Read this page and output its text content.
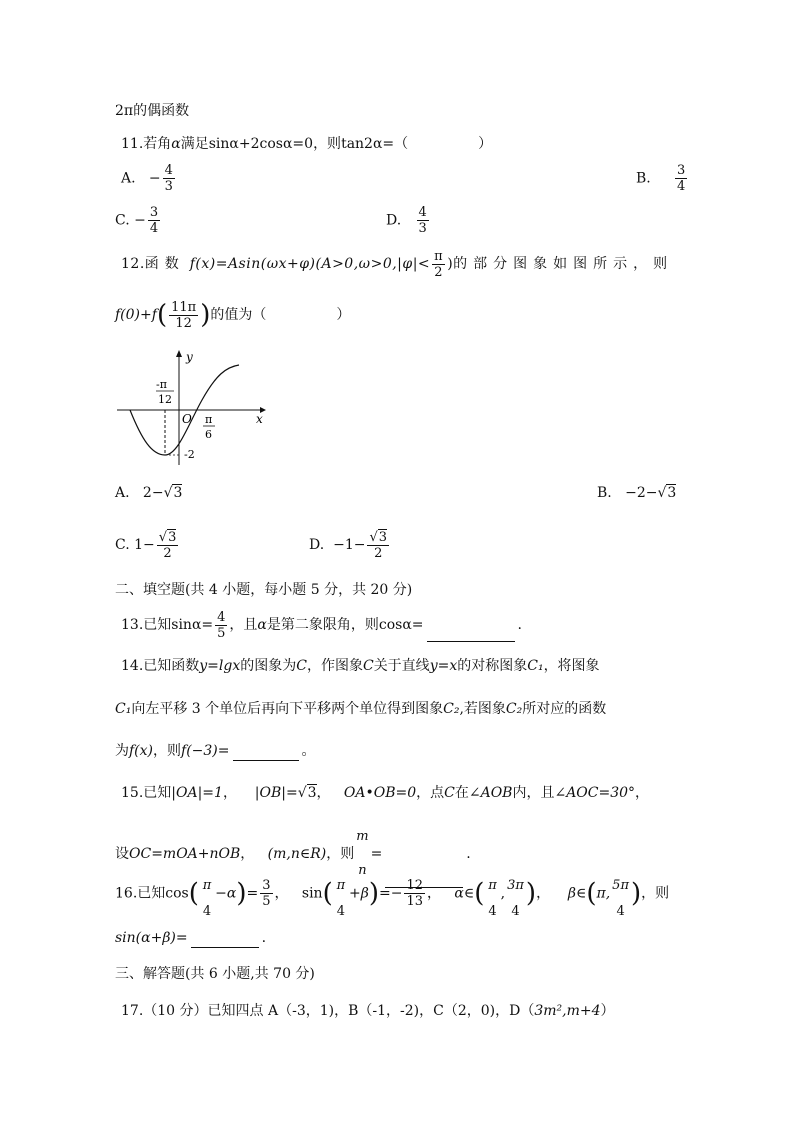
2π的偶函数
11.若角α满足sinα+2cosα=0，则tan2α=（　　　　　）
A. − $\frac{4}{3}$	B. $\frac{3}{4}$
C. − $\frac{3}{4}$	D. $\frac{4}{3}$
12.函数 $f(x)=Asin(\omega x+\varphi)(A>0,\omega>0,|\varphi|< \frac{\pi}{2}$ )的部分图象如图所示，则
$f(0)+f( \frac{11\pi}{12}$ )的值为（　　　　　）
y
x
O
-π
12
π
6
-2
A. 2−√3	B. −2−√3
C. $1- \frac{√3}{2}$	D. $-1- \frac{√3}{2}$
二、填空题(共 4 小题，每小题 5 分，共 20 分)
13.已知$\sin\alpha= \frac{4}{5}$ ，且α是第二象限角，则cosα=	.
14.已知函数y=lgx的图象为C，作图象C关于直线y=x的对称图象C₁，将图象
C₁向左平移 3 个单位后再向下平移两个单位得到图象C₂,若图象C₂所对应的函数
为f(x)，则f(−3)=	。
15.已知|OA|=1， |OB|=√3， OA•OB=0，点C在∠AOB内，且∠AOC=30°，
设OC=mOA+nOB， (m,n∈R)，则
m
n
=	.
16.已知cos( π
4
$-\alpha)= \frac{3}{5}$ ， sin( π
4
$+\beta)=- \frac{12}{13}$ ， α∈( π
4
, 3π
4
)， β∈(π, 5π
4
)，则
sin(α+β)=	.
三、解答题(共 6 小题,共 70 分)
17.（10 分）已知四点 A（-3，1)，B（-1，-2)，C（2，0)，D（3m²,m+4）
